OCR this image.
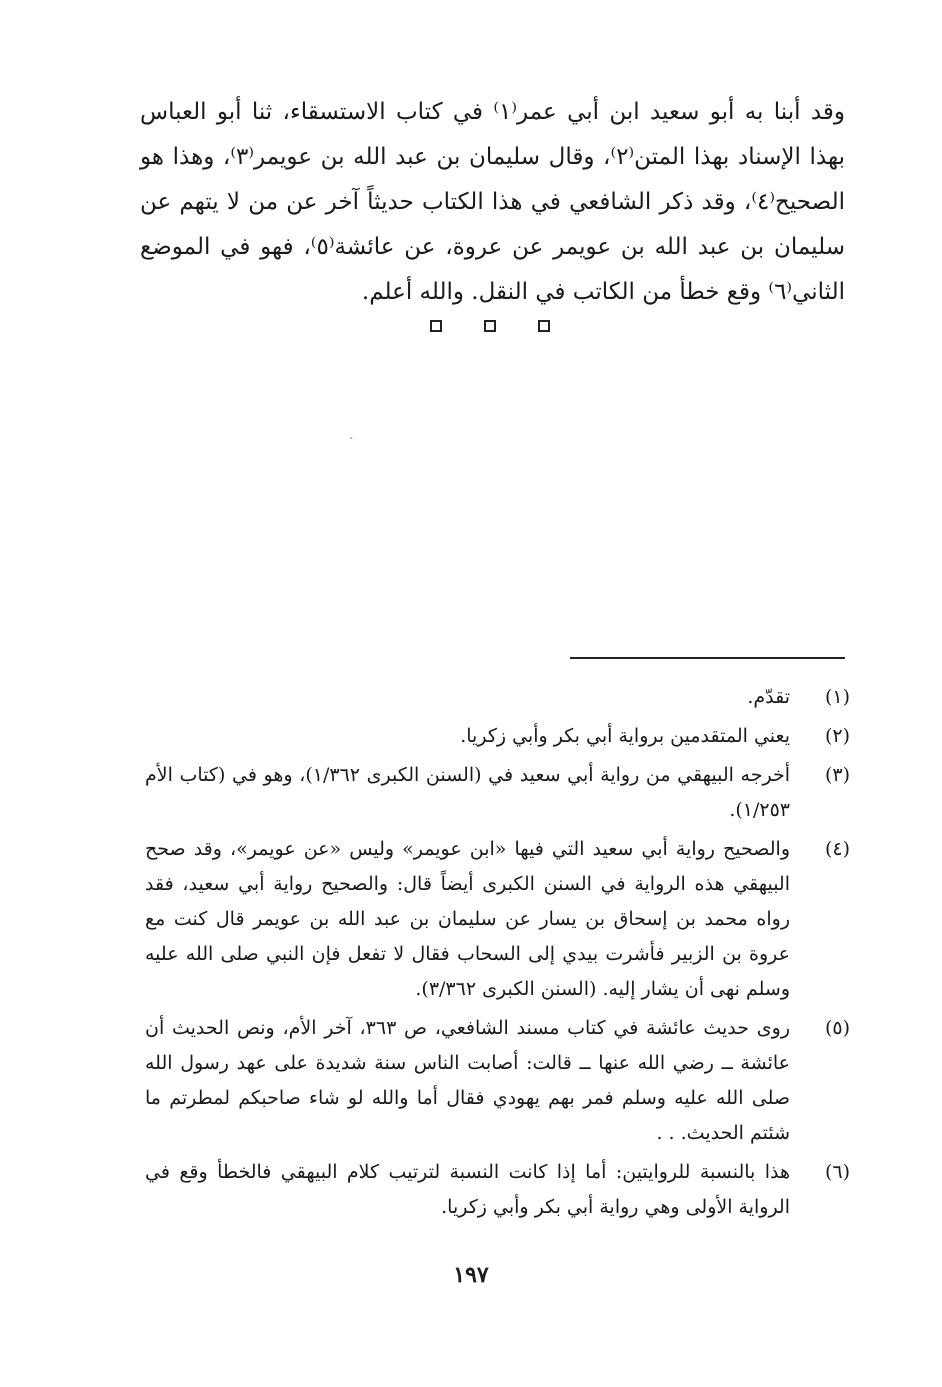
وقد أبنا به أبو سعيد ابن أبي عمر⁽١⁾ في كتاب الاستسقاء، ثنا أبو العباس بهذا الإسناد بهذا المتن⁽٢⁾، وقال سليمان بن عبد الله بن عويمر⁽٣⁾، وهذا هو الصحيح⁽٤⁾، وقد ذكر الشافعي في هذا الكتاب حديثاً آخر عن من لا يتهم عن سليمان بن عبد الله بن عويمر عن عروة، عن عائشة⁽٥⁾، فهو في الموضع الثاني⁽٦⁾ وقع خطأ من الكاتب في النقل. والله أعلم.

(١)
تقدّم.
(٢)
يعني المتقدمين برواية أبي بكر وأبي زكريا.
(٣)
أخرجه البيهقي من رواية أبي سعيد في (السنن الكبرى ١/٣٦٢)، وهو في (كتاب الأم ١/٢٥٣).
(٤)
والصحيح رواية أبي سعيد التي فيها «ابن عويمر» وليس «عن عويمر»، وقد صحح البيهقي هذه الرواية في السنن الكبرى أيضاً قال: والصحيح رواية أبي سعيد، فقد رواه محمد بن إسحاق بن يسار عن سليمان بن عبد الله بن عويمر قال كنت مع عروة بن الزبير فأشرت بيدي إلى السحاب فقال لا تفعل فإن النبي صلى الله عليه وسلم نهى أن يشار إليه. (السنن الكبرى ٣/٣٦٢).
(٥)
روى حديث عائشة في كتاب مسند الشافعي، ص ٣٦٣، آخر الأم، ونص الحديث أن عائشة ــ رضي الله عنها ــ قالت: أصابت الناس سنة شديدة على عهد رسول الله صلى الله عليه وسلم فمر بهم يهودي فقال أما والله لو شاء صاحبكم لمطرتم ما شئتم الحديث. . .
(٦)
هذا بالنسبة للروايتين: أما إذا كانت النسبة لترتيب كلام البيهقي فالخطأ وقع في الرواية الأولى وهي رواية أبي بكر وأبي زكريا.
١٩٧
